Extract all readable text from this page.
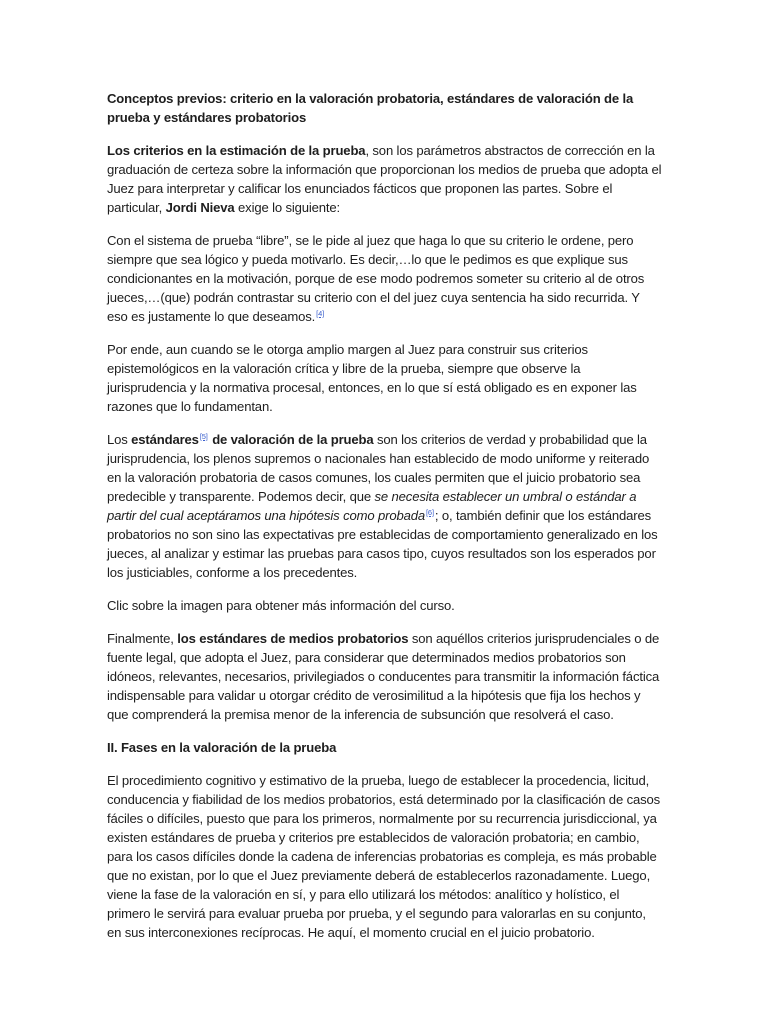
Conceptos previos: criterio en la valoración probatoria, estándares de valoración de la prueba y estándares probatorios

Los criterios en la estimación de la prueba, son los parámetros abstractos de corrección en la graduación de certeza sobre la información que proporcionan los medios de prueba que adopta el Juez para interpretar y calificar los enunciados fácticos que proponen las partes. Sobre el particular, Jordi Nieva exige lo siguiente:

Con el sistema de prueba “libre”, se le pide al juez que haga lo que su criterio le ordene, pero siempre que sea lógico y pueda motivarlo. Es decir,…lo que le pedimos es que explique sus condicionantes en la motivación, porque de ese modo podremos someter su criterio al de otros jueces,…(que) podrán contrastar su criterio con el del juez cuya sentencia ha sido recurrida. Y eso es justamente lo que deseamos.[4]

Por ende, aun cuando se le otorga amplio margen al Juez para construir sus criterios epistemológicos en la valoración crítica y libre de la prueba, siempre que observe la jurisprudencia y la normativa procesal, entonces, en lo que sí está obligado es en exponer las razones que lo fundamentan.

Los estándares[5] de valoración de la prueba son los criterios de verdad y probabilidad que la jurisprudencia, los plenos supremos o nacionales han establecido de modo uniforme y reiterado en la valoración probatoria de casos comunes, los cuales permiten que el juicio probatorio sea predecible y transparente. Podemos decir, que se necesita establecer un umbral o estándar a partir del cual aceptáramos una hipótesis como probada[6]; o, también definir que los estándares probatorios no son sino las expectativas pre establecidas de comportamiento generalizado en los jueces, al analizar y estimar las pruebas para casos tipo, cuyos resultados son los esperados por los justiciables, conforme a los precedentes.

Clic sobre la imagen para obtener más información del curso.

Finalmente, los estándares de medios probatorios son aquéllos criterios jurisprudenciales o de fuente legal, que adopta el Juez, para considerar que determinados medios probatorios son idóneos, relevantes, necesarios, privilegiados o conducentes para transmitir la información fáctica indispensable para validar u otorgar crédito de verosimilitud a la hipótesis que fija los hechos y que comprenderá la premisa menor de la inferencia de subsunción que resolverá el caso.

II. Fases en la valoración de la prueba

El procedimiento cognitivo y estimativo de la prueba, luego de establecer la procedencia, licitud, conducencia y fiabilidad de los medios probatorios, está determinado por la clasificación de casos fáciles o difíciles, puesto que para los primeros, normalmente por su recurrencia jurisdiccional, ya existen estándares de prueba y criterios pre establecidos de valoración probatoria; en cambio, para los casos difíciles donde la cadena de inferencias probatorias es compleja, es más probable que no existan, por lo que el Juez previamente deberá de establecerlos razonadamente. Luego, viene la fase de la valoración en sí, y para ello utilizará los métodos: analítico y holístico, el primero le servirá para evaluar prueba por prueba, y el segundo para valorarlas en su conjunto, en sus interconexiones recíprocas. He aquí, el momento crucial en el juicio probatorio.
